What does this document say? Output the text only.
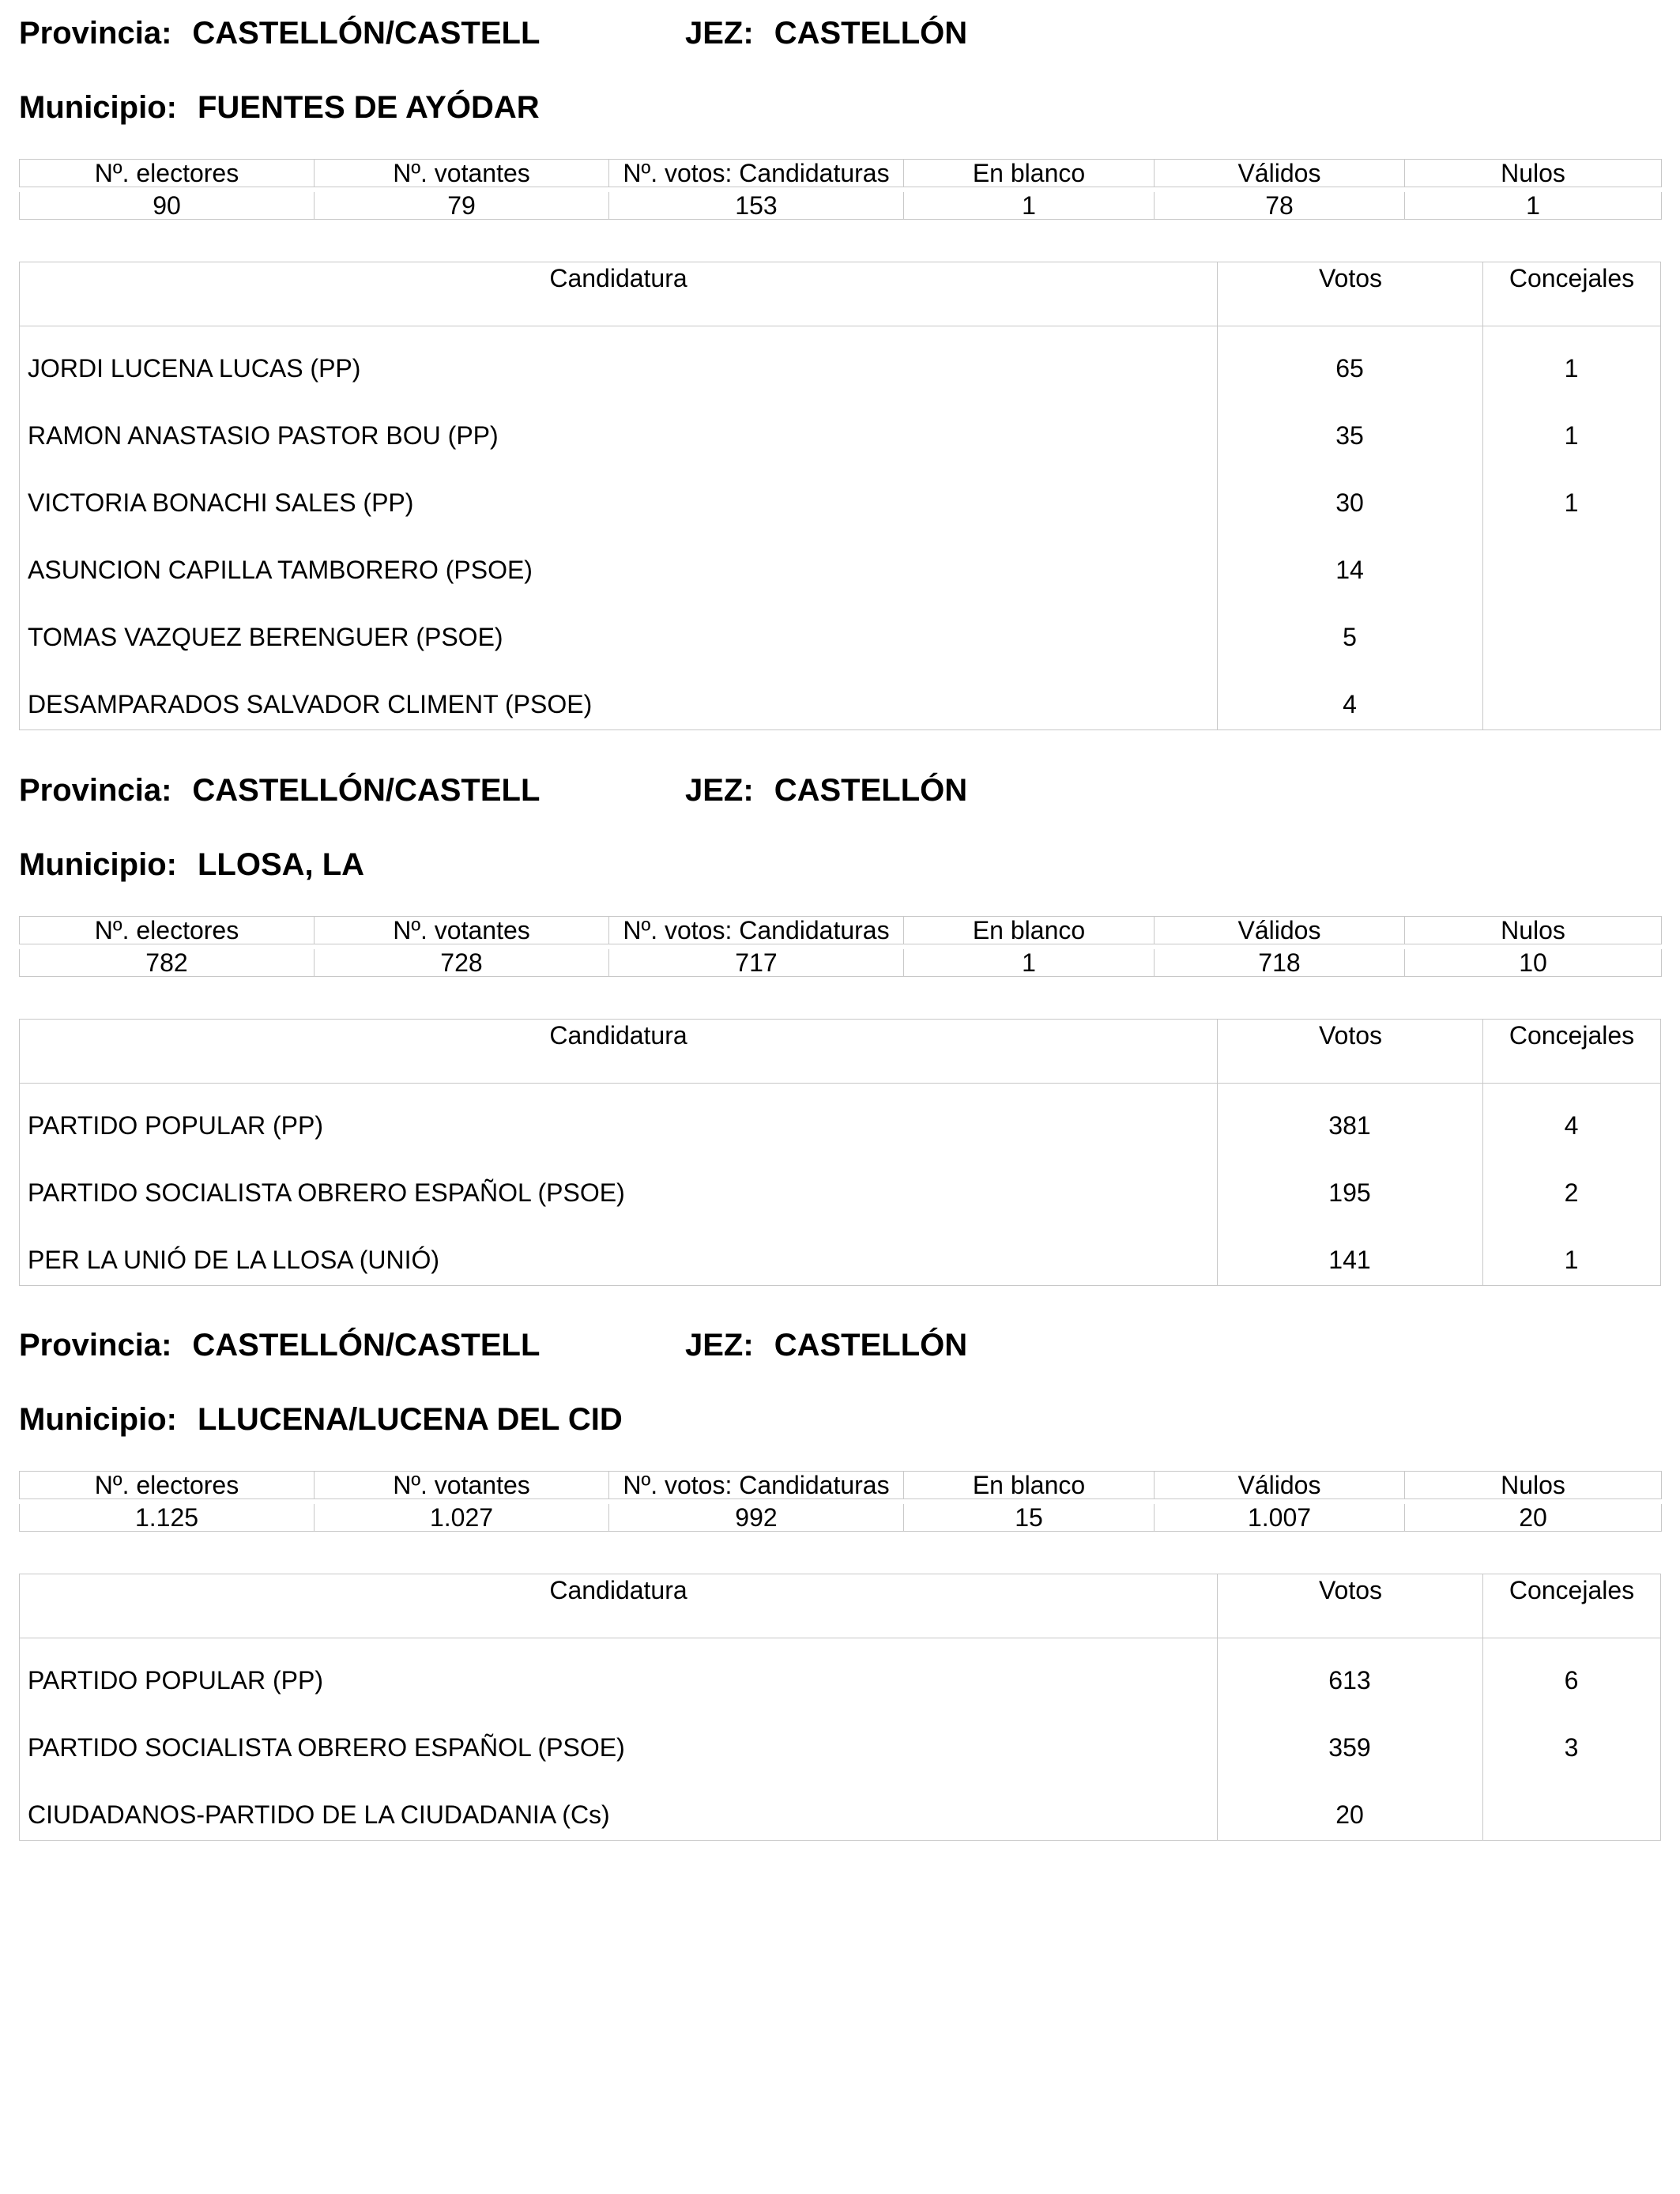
Provincia: CASTELLÓN/CASTELL	JEZ: CASTELLÓN
Municipio: FUENTES DE AYÓDAR
Nº. electores	Nº. votantes	Nº. votos: Candidaturas	En blanco	Válidos	Nulos

90	79	153	1	78	1
Candidatura	Votos	Concejales
JORDI LUCENA LUCAS (PP)	65	1
RAMON ANASTASIO PASTOR BOU (PP)	35	1
VICTORIA BONACHI SALES (PP)	30	1
ASUNCION CAPILLA TAMBORERO (PSOE)	14
TOMAS VAZQUEZ BERENGUER (PSOE)	5
DESAMPARADOS SALVADOR CLIMENT (PSOE)	4
Provincia: CASTELLÓN/CASTELL	JEZ: CASTELLÓN
Municipio: LLOSA, LA
Nº. electores	Nº. votantes	Nº. votos: Candidaturas	En blanco	Válidos	Nulos

782	728	717	1	718	10
Candidatura	Votos	Concejales
PARTIDO POPULAR (PP)	381	4
PARTIDO SOCIALISTA OBRERO ESPAÑOL (PSOE)	195	2
PER LA UNIÓ DE LA LLOSA (UNIÓ)	141	1
Provincia: CASTELLÓN/CASTELL	JEZ: CASTELLÓN
Municipio: LLUCENA/LUCENA DEL CID
Nº. electores	Nº. votantes	Nº. votos: Candidaturas	En blanco	Válidos	Nulos

1.125	1.027	992	15	1.007	20
Candidatura	Votos	Concejales
PARTIDO POPULAR (PP)	613	6
PARTIDO SOCIALISTA OBRERO ESPAÑOL (PSOE)	359	3
CIUDADANOS-PARTIDO DE LA CIUDADANIA (Cs)	20
